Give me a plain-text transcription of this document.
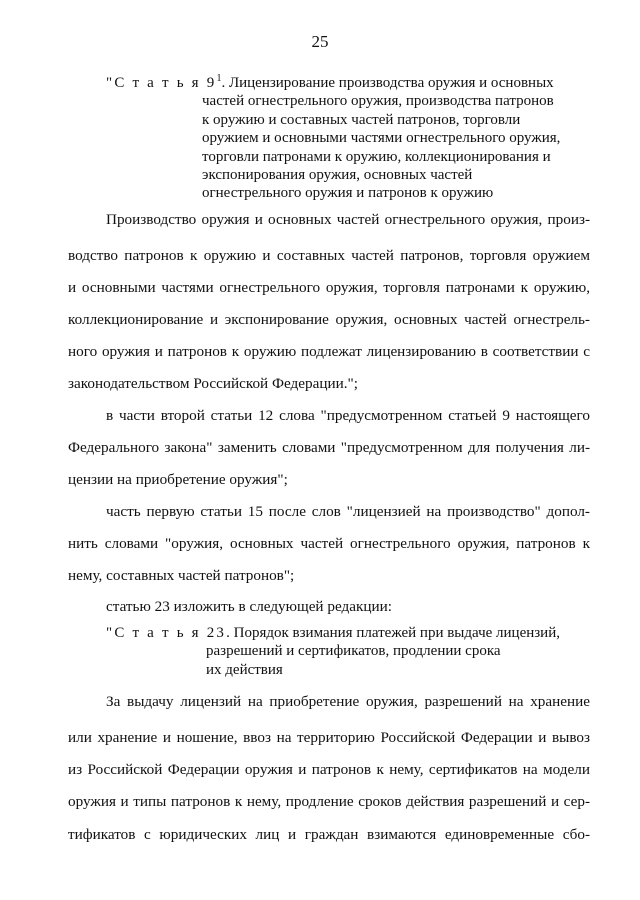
25
"С т а т ь я $9^1$. Лицензирование производства оружия и основных
частей огнестрельного оружия, производства патронов
к оружию и составных частей патронов, торговли
оружием и основными частями огнестрельного оружия,
торговли патронами к оружию, коллекционирования и
экспонирования оружия, основных частей
огнестрельного оружия и патронов к оружию
Производство оружия и основных частей огнестрельного оружия, произ-
водство патронов к оружию и составных частей патронов, торговля оружием
и основными частями огнестрельного оружия, торговля патронами к оружию,
коллекционирование и экспонирование оружия, основных частей огнестрель-
ного оружия и патронов к оружию подлежат лицензированию в соответствии с
законодательством Российской Федерации.";
в части второй статьи 12 слова "предусмотренном статьей 9 настоящего
Федерального закона" заменить словами "предусмотренном для получения ли-
цензии на приобретение оружия";
часть первую статьи 15 после слов "лицензией на производство" допол-
нить словами "оружия, основных частей огнестрельного оружия, патронов к
нему, составных частей патронов";
статью 23 изложить в следующей редакции:
"С т а т ь я 23. Порядок взимания платежей при выдаче лицензий,
разрешений и сертификатов, продлении срока
их действия
За выдачу лицензий на приобретение оружия, разрешений на хранение
или хранение и ношение, ввоз на территорию Российской Федерации и вывоз
из Российской Федерации оружия и патронов к нему, сертификатов на модели
оружия и типы патронов к нему, продление сроков действия разрешений и сер-
тификатов с юридических лиц и граждан взимаются единовременные сбо-
